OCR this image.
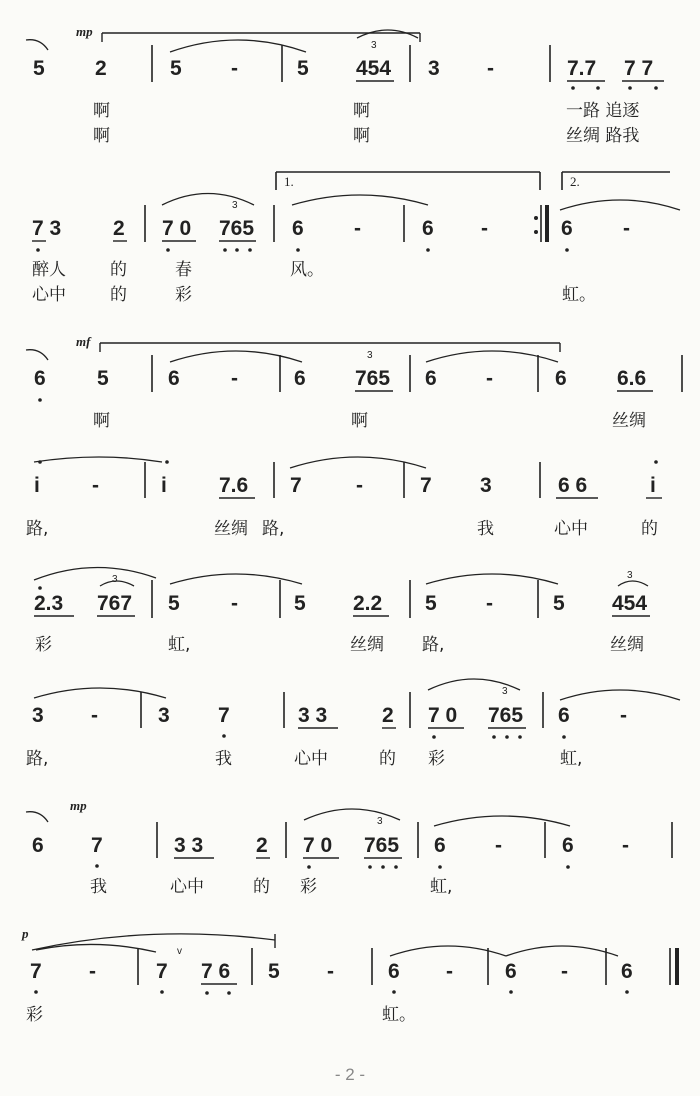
mp
5 2	5 -	5
3
454 3 -	7.7 7 7
啊	啊	一路 追逐
啊	啊	丝绸 路我
1.	2.
7 3 2 7 0
3
765 6 -	6 -	6 -
醉人	的	春	风。
心中	的	彩	虹。
mf
6 5	6 -	6
3
765 6 -	6 6.6
啊	啊	丝绸
i -	i 7.6 7	-	7 3	6 6	i
路,	丝绸 路,	我	心中	的
3
2.3 767 5 -	5 2.2 5 -	5
3
454
彩	虹,	丝绸 路,	丝绸
3 -	3 7	3 3	2 7 0
3
765 6 -
路,	我	心中	的 彩	虹,
mp
6 7	3 3	2 7 0
3
765 6 -	6 -
我	心中	的 彩	虹,
p
7 -	7
v
7 6 5 -	6 - 6 -	6
彩	虹。
- 2 -
